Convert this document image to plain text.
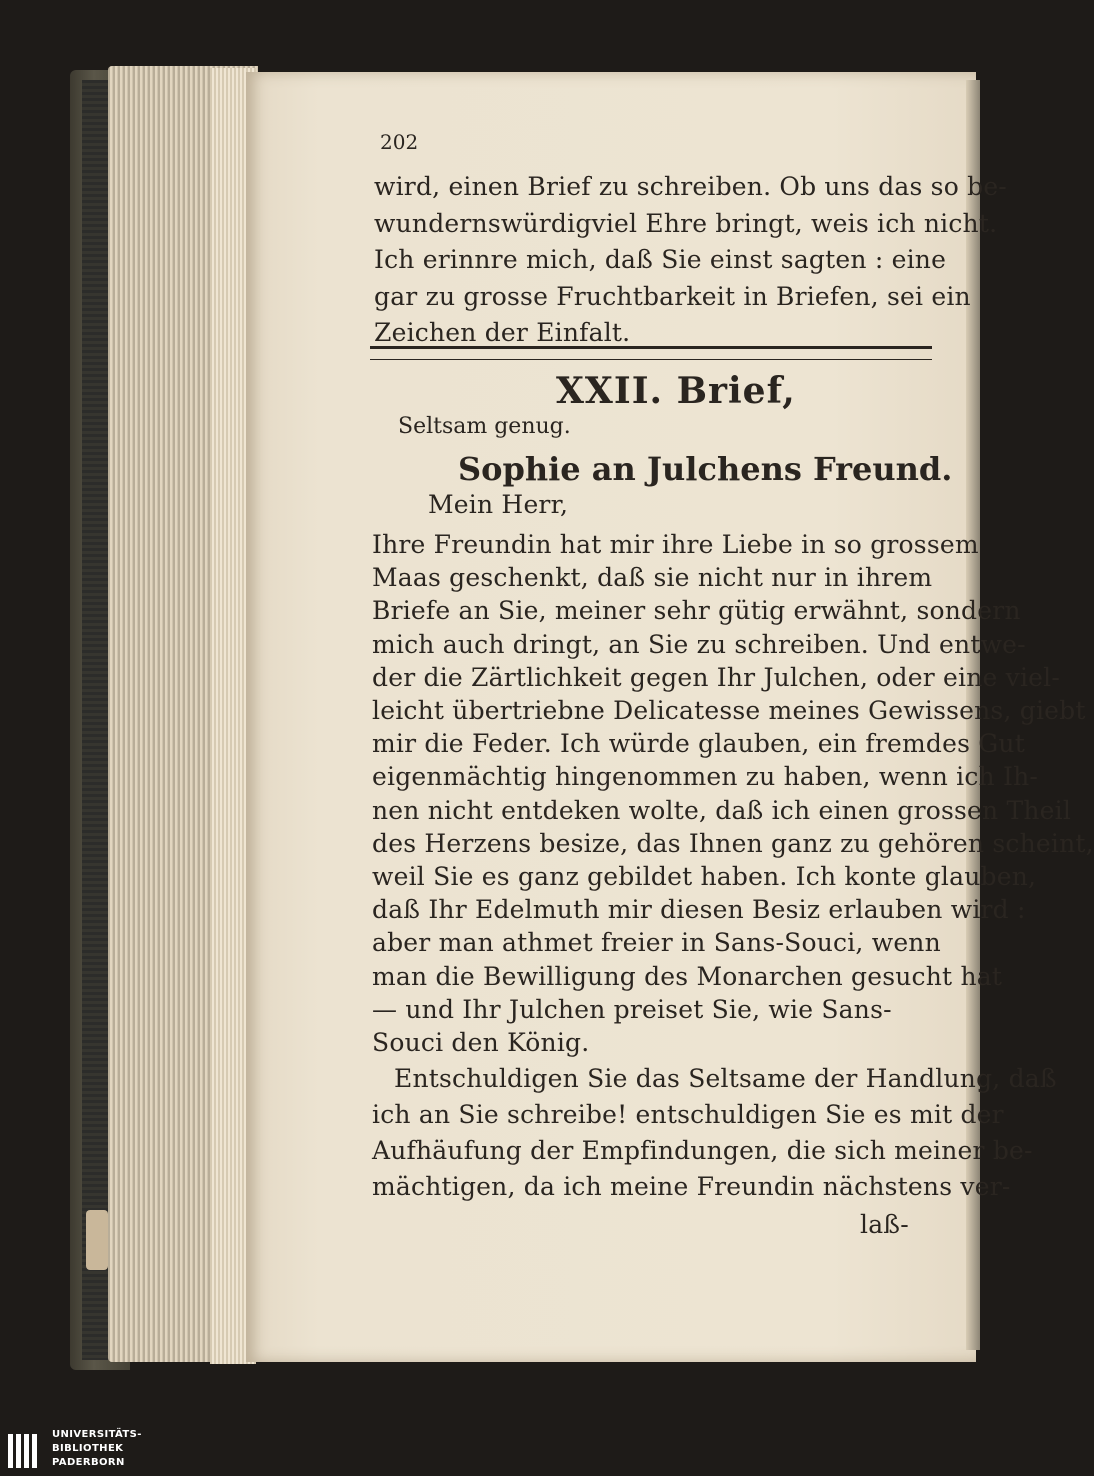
202
wird, einen Brief zu schreiben. Ob uns das so be-
wundernswürdigviel Ehre bringt, weis ich nicht.
Ich erinnre mich, daß Sie einst sagten : eine
gar zu grosse Fruchtbarkeit in Briefen, sei ein
Zeichen der Einfalt.
XXII. Brief,
Seltsam genug.
Sophie an Julchens Freund.
Mein Herr,
Ihre Freundin hat mir ihre Liebe in so grossem
Maas geschenkt, daß sie nicht nur in ihrem
Briefe an Sie, meiner sehr gütig erwähnt, sondern
mich auch dringt, an Sie zu schreiben. Und entwe-
der die Zärtlichkeit gegen Ihr Julchen, oder eine viel-
leicht übertriebne Delicatesse meines Gewissens, giebt
mir die Feder. Ich würde glauben, ein fremdes Gut
eigenmächtig hingenommen zu haben, wenn ich Ih-
nen nicht entdeken wolte, daß ich einen grossen Theil
des Herzens besize, das Ihnen ganz zu gehören scheint,
weil Sie es ganz gebildet haben. Ich konte glauben,
daß Ihr Edelmuth mir diesen Besiz erlauben wird :
aber man athmet freier in Sans-Souci, wenn
man die Bewilligung des Monarchen gesucht hat
— und Ihr Julchen preiset Sie, wie Sans-
Souci den König.
Entschuldigen Sie das Seltsame der Handlung, daß
ich an Sie schreibe! entschuldigen Sie es mit der
Aufhäufung der Empfindungen, die sich meiner be-
mächtigen, da ich meine Freundin nächstens ver-
laß-
UNIVERSITÄTS-
BIBLIOTHEK
PADERBORN
